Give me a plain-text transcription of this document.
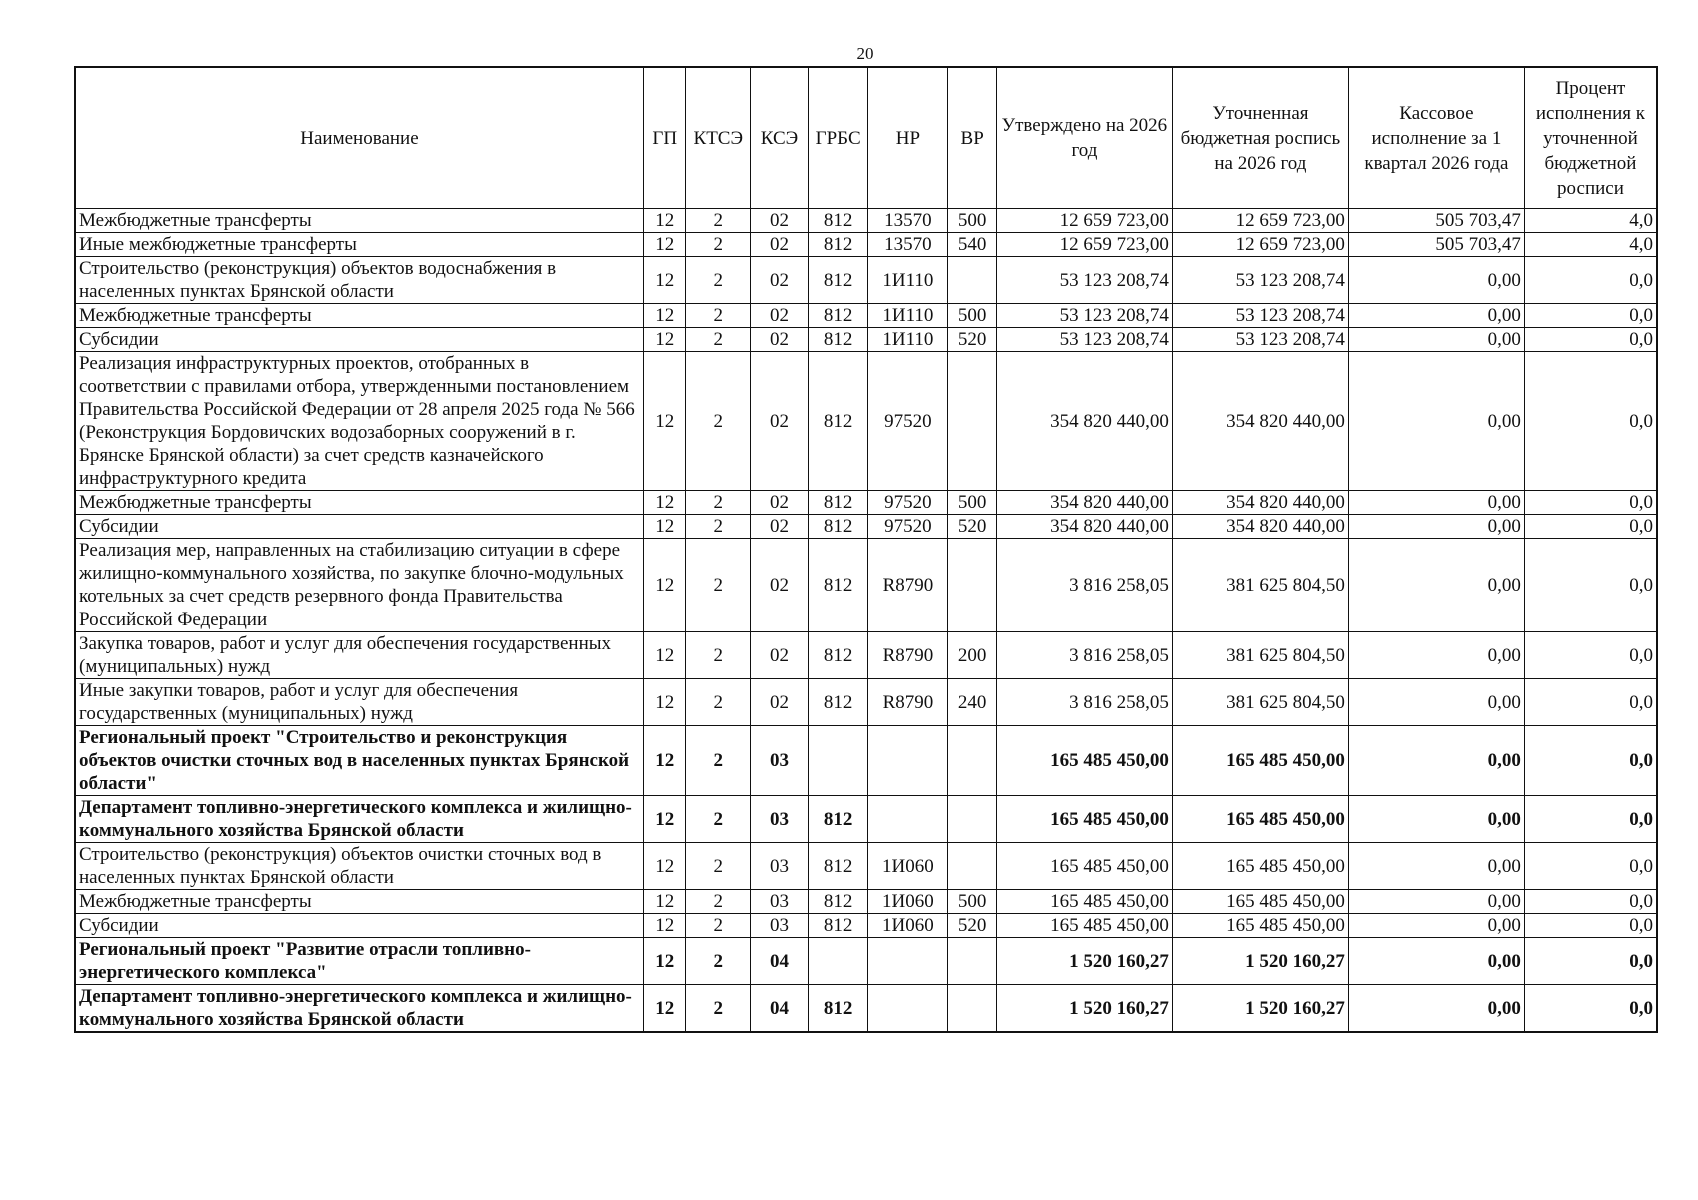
20
Наименование	ГП	КТСЭ	КСЭ	ГРБС	НР	ВР	Утверждено на 2026 год	Уточненная бюджетная роспись на 2026 год	Кассовое исполнение за 1 квартал 2026 года	Процент исполнения к уточненной бюджетной росписи
Межбюджетные трансферты	12	2	02	812	13570	500	12 659 723,00	12 659 723,00	505 703,47	4,0
Иные межбюджетные трансферты	12	2	02	812	13570	540	12 659 723,00	12 659 723,00	505 703,47	4,0
Строительство (реконструкция) объектов водоснабжения в населенных пунктах Брянской области	12	2	02	812	1И110		53 123 208,74	53 123 208,74	0,00	0,0
Межбюджетные трансферты	12	2	02	812	1И110	500	53 123 208,74	53 123 208,74	0,00	0,0
Субсидии	12	2	02	812	1И110	520	53 123 208,74	53 123 208,74	0,00	0,0
Реализация инфраструктурных проектов, отобранных в соответствии с правилами отбора, утвержденными постановлением Правительства Российской Федерации от 28 апреля 2025 года № 566 (Реконструкция Бордовичских водозаборных сооружений в г. Брянске Брянской области) за счет средств казначейского инфраструктурного кредита	12	2	02	812	97520		354 820 440,00	354 820 440,00	0,00	0,0
Межбюджетные трансферты	12	2	02	812	97520	500	354 820 440,00	354 820 440,00	0,00	0,0
Субсидии	12	2	02	812	97520	520	354 820 440,00	354 820 440,00	0,00	0,0
Реализация мер, направленных на стабилизацию ситуации в сфере жилищно-коммунального хозяйства, по закупке блочно-модульных котельных за счет средств резервного фонда Правительства Российской Федерации	12	2	02	812	R8790		3 816 258,05	381 625 804,50	0,00	0,0
Закупка товаров, работ и услуг для обеспечения государственных (муниципальных) нужд	12	2	02	812	R8790	200	3 816 258,05	381 625 804,50	0,00	0,0
Иные закупки товаров, работ и услуг для обеспечения государственных (муниципальных) нужд	12	2	02	812	R8790	240	3 816 258,05	381 625 804,50	0,00	0,0
Региональный проект "Строительство и реконструкция объектов очистки сточных вод в населенных пунктах Брянской области"	12	2	03				165 485 450,00	165 485 450,00	0,00	0,0
Департамент топливно-энергетического комплекса и жилищно-коммунального хозяйства Брянской области	12	2	03	812			165 485 450,00	165 485 450,00	0,00	0,0
Строительство (реконструкция) объектов очистки сточных вод в населенных пунктах Брянской области	12	2	03	812	1И060		165 485 450,00	165 485 450,00	0,00	0,0
Межбюджетные трансферты	12	2	03	812	1И060	500	165 485 450,00	165 485 450,00	0,00	0,0
Субсидии	12	2	03	812	1И060	520	165 485 450,00	165 485 450,00	0,00	0,0
Региональный проект "Развитие отрасли топливно-энергетического комплекса"	12	2	04				1 520 160,27	1 520 160,27	0,00	0,0
Департамент топливно-энергетического комплекса и жилищно-коммунального хозяйства Брянской области	12	2	04	812			1 520 160,27	1 520 160,27	0,00	0,0
